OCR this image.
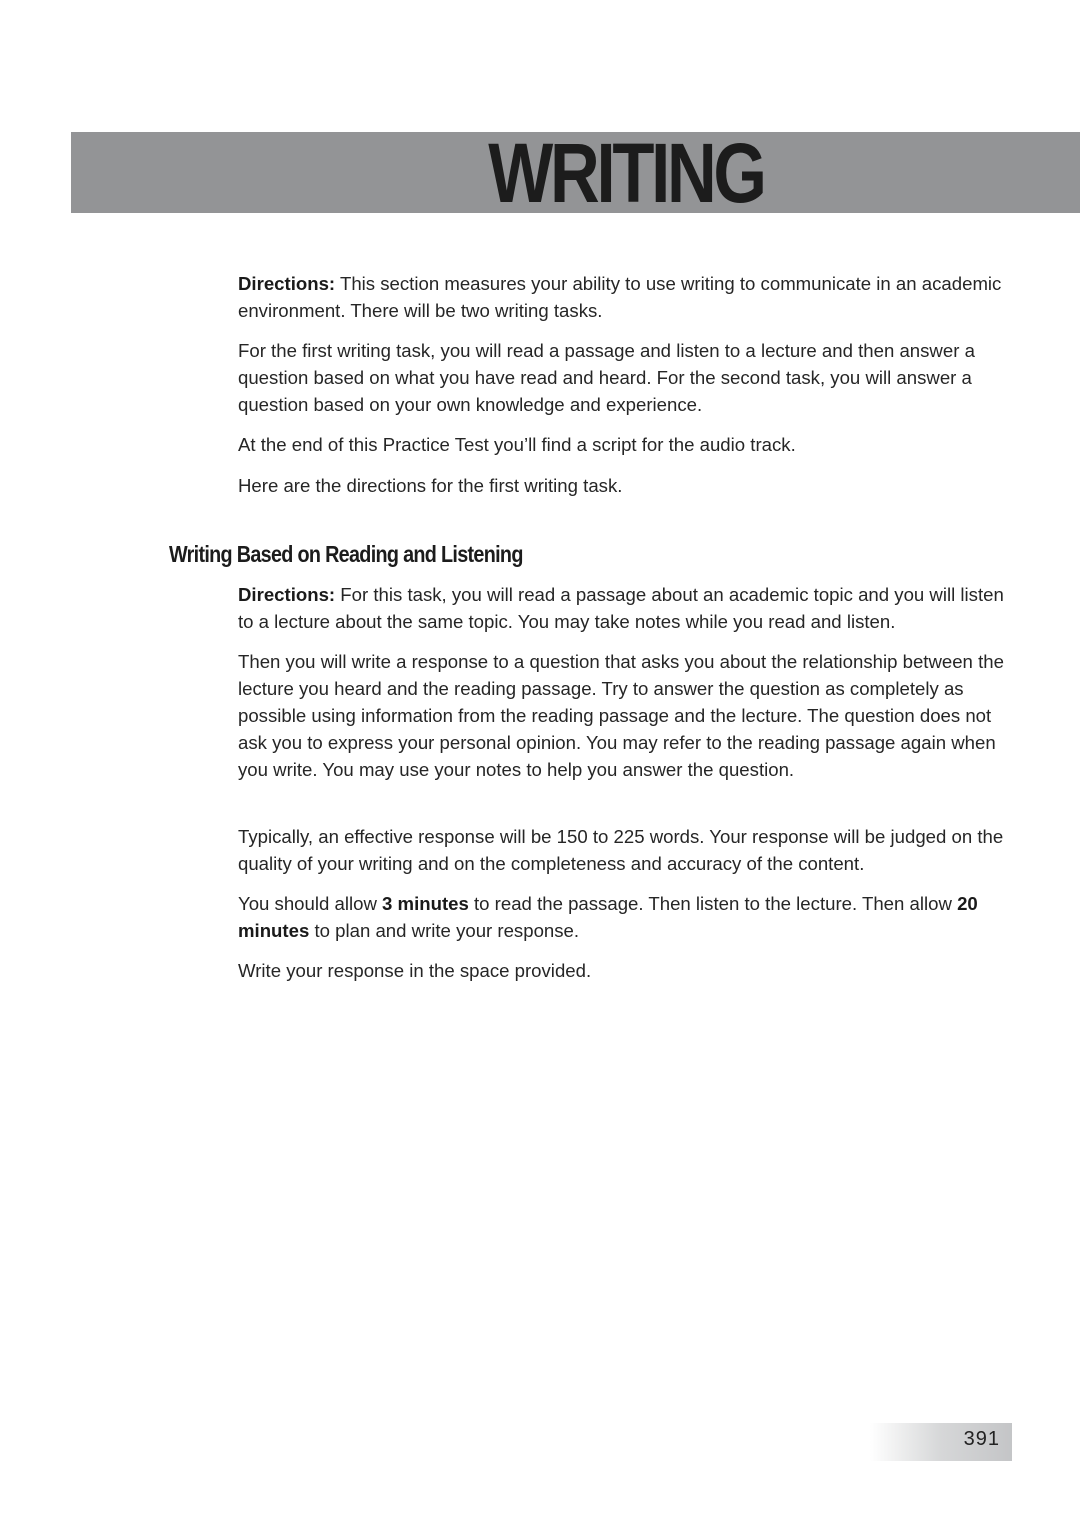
WRITING

Directions: This section measures your ability to use writing to communicate in an academic environment. There will be two writing tasks.

For the first writing task, you will read a passage and listen to a lecture and then answer a question based on what you have read and heard. For the second task, you will answer a question based on your own knowledge and experience.

At the end of this Practice Test you’ll find a script for the audio track.

Here are the directions for the first writing task.

Writing Based on Reading and Listening

Directions: For this task, you will read a passage about an academic topic and you will listen to a lecture about the same topic. You may take notes while you read and listen.

Then you will write a response to a question that asks you about the relationship between the lecture you heard and the reading passage. Try to answer the question as completely as possible using information from the reading passage and the lecture. The question does not ask you to express your personal opinion. You may refer to the reading passage again when you write. You may use your notes to help you answer the question.

Typically, an effective response will be 150 to 225 words. Your response will be judged on the quality of your writing and on the completeness and accuracy of the content.

You should allow 3 minutes to read the passage. Then listen to the lecture. Then allow 20 minutes to plan and write your response.

Write your response in the space provided.

391
